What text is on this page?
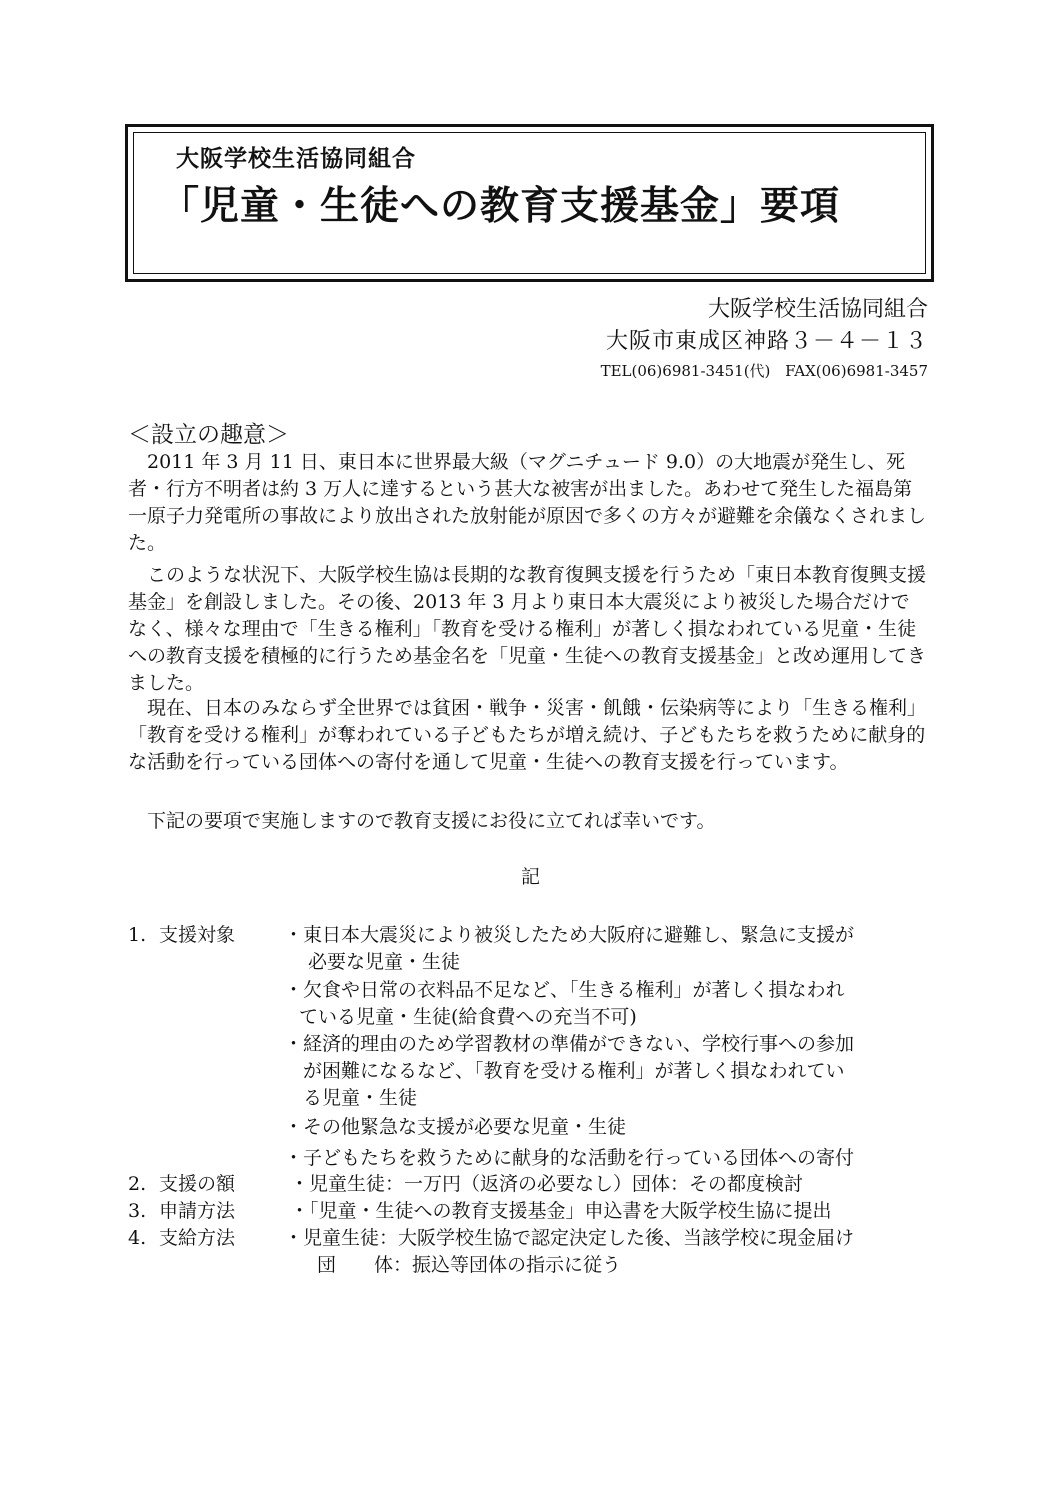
大阪学校生活協同組合
「児童・生徒への教育支援基金」要項
大阪学校生活協同組合
大阪市東成区神路３－４－１３
TEL(06)6981-3451(代) FAX(06)6981-3457
＜設立の趣意＞
2011 年 3 月 11 日、東日本に世界最大級（マグニチュード 9.0）の大地震が発生し、死者・行方不明者は約 3 万人に達するという甚大な被害が出ました。あわせて発生した福島第一原子力発電所の事故により放出された放射能が原因で多くの方々が避難を余儀なくされました。
このような状況下、大阪学校生協は長期的な教育復興支援を行うため「東日本教育復興支援基金」を創設しました。その後、2013 年 3 月より東日本大震災により被災した場合だけでなく、様々な理由で「生きる権利」「教育を受ける権利」が著しく損なわれている児童・生徒への教育支援を積極的に行うため基金名を「児童・生徒への教育支援基金」と改め運用してきました。
現在、日本のみならず全世界では貧困・戦争・災害・飢餓・伝染病等により「生きる権利」「教育を受ける権利」が奪われている子どもたちが増え続け、子どもたちを救うために献身的な活動を行っている団体への寄付を通して児童・生徒への教育支援を行っています。
下記の要項で実施しますので教育支援にお役に立てれば幸いです。
記
1. 支援対象	・東日本大震災により被災したため大阪府に避難し、緊急に支援が
必要な児童・生徒
・欠食や日常の衣料品不足など、「生きる権利」が著しく損なわれ
ている児童・生徒(給食費への充当不可)
・経済的理由のため学習教材の準備ができない、学校行事への参加
が困難になるなど、「教育を受ける権利」が著しく損なわれてい
る児童・生徒
・その他緊急な支援が必要な児童・生徒
・子どもたちを救うために献身的な活動を行っている団体への寄付
2. 支援の額	・児童生徒：一万円（返済の必要なし）団体：その都度検討
3. 申請方法	・「児童・生徒への教育支援基金」申込書を大阪学校生協に提出
4. 支給方法	・児童生徒：大阪学校生協で認定決定した後、当該学校に現金届け
団　　体：振込等団体の指示に従う
